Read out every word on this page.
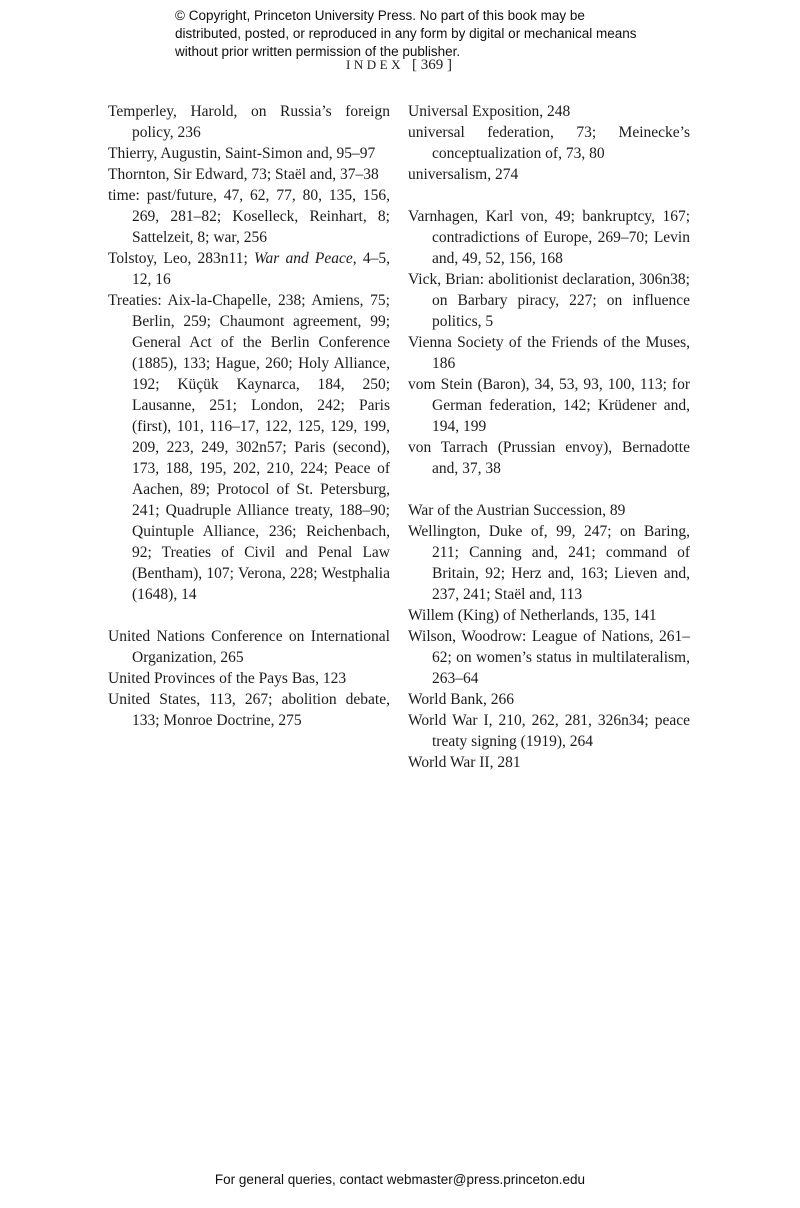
© Copyright, Princeton University Press. No part of this book may be distributed, posted, or reproduced in any form by digital or mechanical means without prior written permission of the publisher.
INDEX [ 369 ]
Temperley, Harold, on Russia’s foreign policy, 236
Thierry, Augustin, Saint-Simon and, 95–97
Thornton, Sir Edward, 73; Staël and, 37–38
time: past/future, 47, 62, 77, 80, 135, 156, 269, 281–82; Koselleck, Reinhart, 8; Sattelzeit, 8; war, 256
Tolstoy, Leo, 283n11; War and Peace, 4–5, 12, 16
Treaties: Aix-la-Chapelle, 238; Amiens, 75; Berlin, 259; Chaumont agreement, 99; General Act of the Berlin Conference (1885), 133; Hague, 260; Holy Alliance, 192; Küçük Kaynarca, 184, 250; Lausanne, 251; London, 242; Paris (first), 101, 116–17, 122, 125, 129, 199, 209, 223, 249, 302n57; Paris (second), 173, 188, 195, 202, 210, 224; Peace of Aachen, 89; Protocol of St. Petersburg, 241; Quadruple Alliance treaty, 188–90; Quintuple Alliance, 236; Reichenbach, 92; Treaties of Civil and Penal Law (Bentham), 107; Verona, 228; Westphalia (1648), 14
United Nations Conference on International Organization, 265
United Provinces of the Pays Bas, 123
United States, 113, 267; abolition debate, 133; Monroe Doctrine, 275
Universal Exposition, 248
universal federation, 73; Meinecke’s conceptualization of, 73, 80
universalism, 274
Varnhagen, Karl von, 49; bankruptcy, 167; contradictions of Europe, 269–70; Levin and, 49, 52, 156, 168
Vick, Brian: abolitionist declaration, 306n38; on Barbary piracy, 227; on influence politics, 5
Vienna Society of the Friends of the Muses, 186
vom Stein (Baron), 34, 53, 93, 100, 113; for German federation, 142; Krüdener and, 194, 199
von Tarrach (Prussian envoy), Bernadotte and, 37, 38
War of the Austrian Succession, 89
Wellington, Duke of, 99, 247; on Baring, 211; Canning and, 241; command of Britain, 92; Herz and, 163; Lieven and, 237, 241; Staël and, 113
Willem (King) of Netherlands, 135, 141
Wilson, Woodrow: League of Nations, 261–62; on women’s status in multilateralism, 263–64
World Bank, 266
World War I, 210, 262, 281, 326n34; peace treaty signing (1919), 264
World War II, 281
For general queries, contact webmaster@press.princeton.edu
